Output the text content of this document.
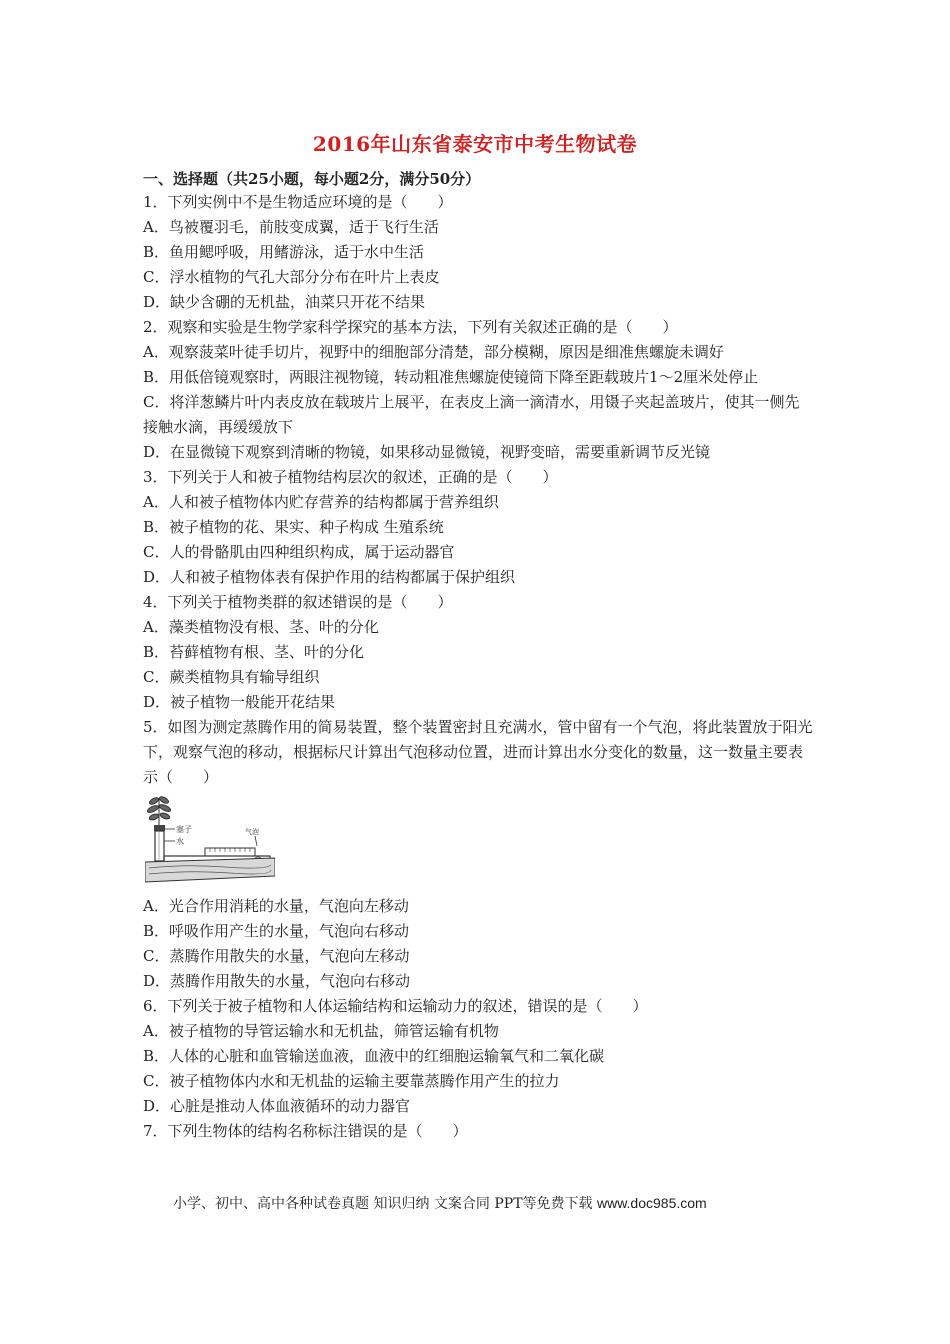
2016年山东省泰安市中考生物试卷
一、选择题（共25小题，每小题2分，满分50分）
1．下列实例中不是生物适应环境的是（　　）
A．鸟被覆羽毛，前肢变成翼，适于飞行生活
B．鱼用鳃呼吸，用鳍游泳，适于水中生活
C．浮水植物的气孔大部分分布在叶片上表皮
D．缺少含硼的无机盐，油菜只开花不结果
2．观察和实验是生物学家科学探究的基本方法，下列有关叙述正确的是（　　）
A．观察菠菜叶徒手切片，视野中的细胞部分清楚，部分模糊，原因是细准焦螺旋未调好
B．用低倍镜观察时，两眼注视物镜，转动粗准焦螺旋使镜筒下降至距载玻片1～2厘米处停止
C．将洋葱鳞片叶内表皮放在载玻片上展平，在表皮上滴一滴清水，用镊子夹起盖玻片，使其一侧先接触水滴，再缓缓放下
D．在显微镜下观察到清晰的物镜，如果移动显微镜，视野变暗，需要重新调节反光镜
3．下列关于人和被子植物结构层次的叙述，正确的是（　　）
A．人和被子植物体内贮存营养的结构都属于营养组织
B．被子植物的花、果实、种子构成 生殖系统
C．人的骨骼肌由四种组织构成，属于运动器官
D．人和被子植物体表有保护作用的结构都属于保护组织
4．下列关于植物类群的叙述错误的是（　　）
A．藻类植物没有根、茎、叶的分化
B．苔藓植物有根、茎、叶的分化
C．蕨类植物具有输导组织
D．被子植物一般能开花结果
5．如图为测定蒸腾作用的简易装置，整个装置密封且充满水，管中留有一个气泡，将此装置放于阳光下，观察气泡的移动，根据标尺计算出气泡移动位置，进而计算出水分变化的数量，这一数量主要表示（　　）
塞子
水
气泡
A．光合作用消耗的水量，气泡向左移动
B．呼吸作用产生的水量，气泡向右移动
C．蒸腾作用散失的水量，气泡向左移动
D．蒸腾作用散失的水量，气泡向右移动
6．下列关于被子植物和人体运输结构和运输动力的叙述，错误的是（　　）
A．被子植物的导管运输水和无机盐，筛管运输有机物
B．人体的心脏和血管输送血液，血液中的红细胞运输氧气和二氧化碳
C．被子植物体内水和无机盐的运输主要靠蒸腾作用产生的拉力
D．心脏是推动人体血液循环的动力器官
7．下列生物体的结构名称标注错误的是（　　）
小学、初中、高中各种试卷真题 知识归纳 文案合同 PPT等免费下载 www.doc985.com
